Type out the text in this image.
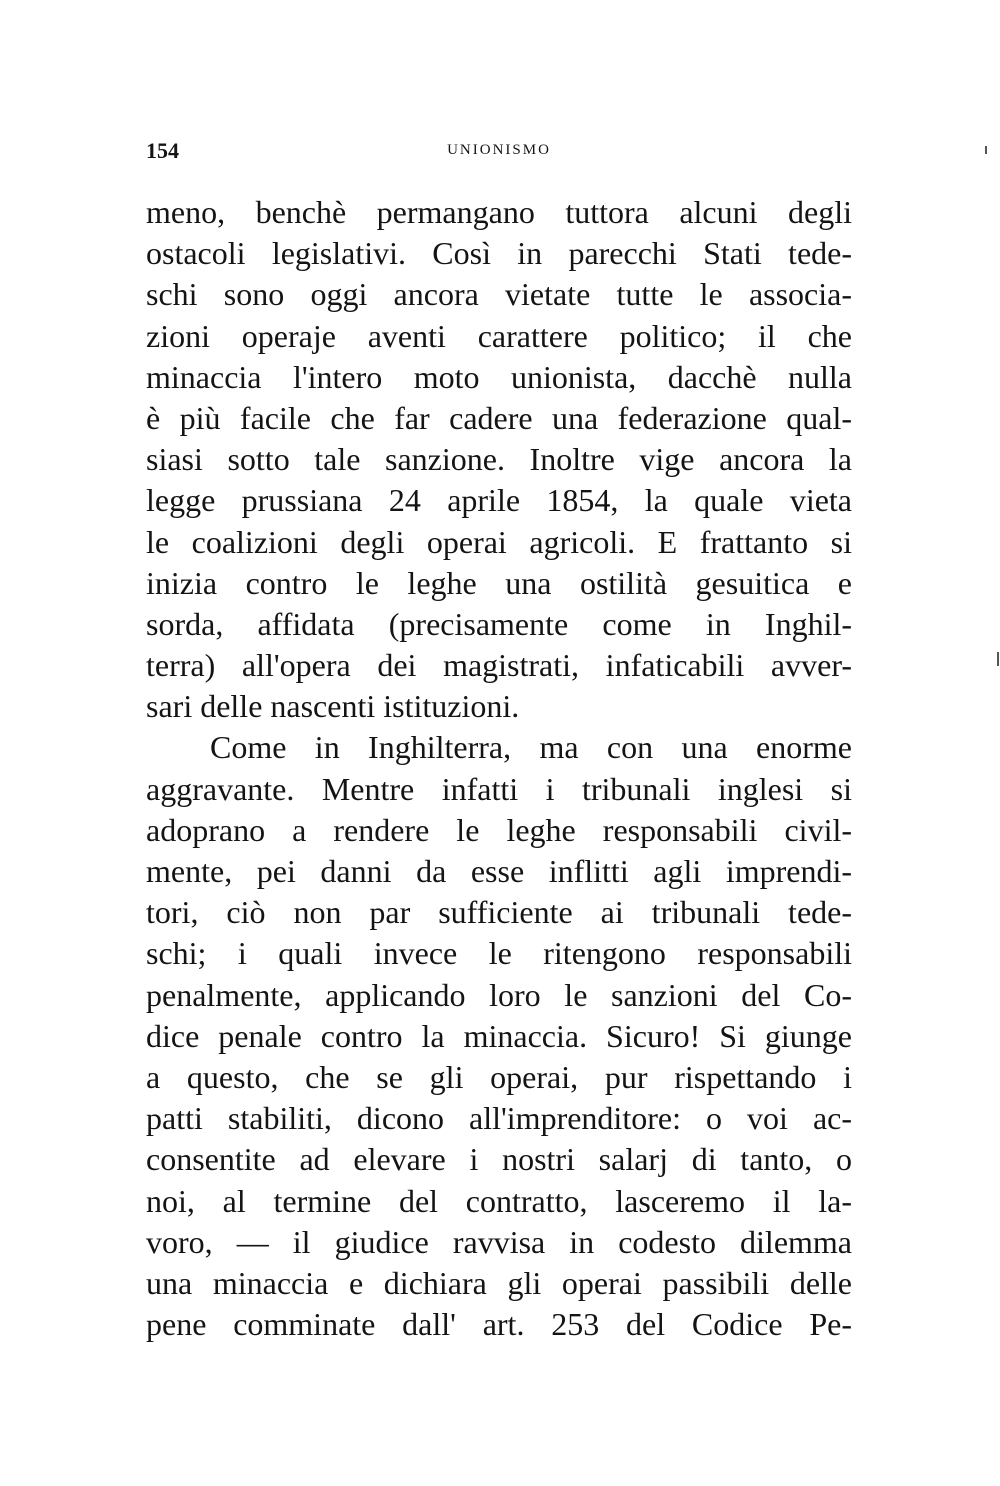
154	UNIONISMO
meno, benchè permangano tuttora alcuni degli
ostacoli legislativi. Così in parecchi Stati tede-
schi sono oggi ancora vietate tutte le associa-
zioni operaje aventi carattere politico; il che
minaccia l'intero moto unionista, dacchè nulla
è più facile che far cadere una federazione qual-
siasi sotto tale sanzione. Inoltre vige ancora la
legge prussiana 24 aprile 1854, la quale vieta
le coalizioni degli operai agricoli. E frattanto si
inizia contro le leghe una ostilità gesuitica e
sorda, affidata (precisamente come in Inghil-
terra) all'opera dei magistrati, infaticabili avver-
sari delle nascenti istituzioni.
Come in Inghilterra, ma con una enorme
aggravante. Mentre infatti i tribunali inglesi si
adoprano a rendere le leghe responsabili civil-
mente, pei danni da esse inflitti agli imprendi-
tori, ciò non par sufficiente ai tribunali tede-
schi; i quali invece le ritengono responsabili
penalmente, applicando loro le sanzioni del Co-
dice penale contro la minaccia. Sicuro! Si giunge
a questo, che se gli operai, pur rispettando i
patti stabiliti, dicono all'imprenditore: o voi ac-
consentite ad elevare i nostri salarj di tanto, o
noi, al termine del contratto, lasceremo il la-
voro, — il giudice ravvisa in codesto dilemma
una minaccia e dichiara gli operai passibili delle
pene comminate dall' art. 253 del Codice Pe-
